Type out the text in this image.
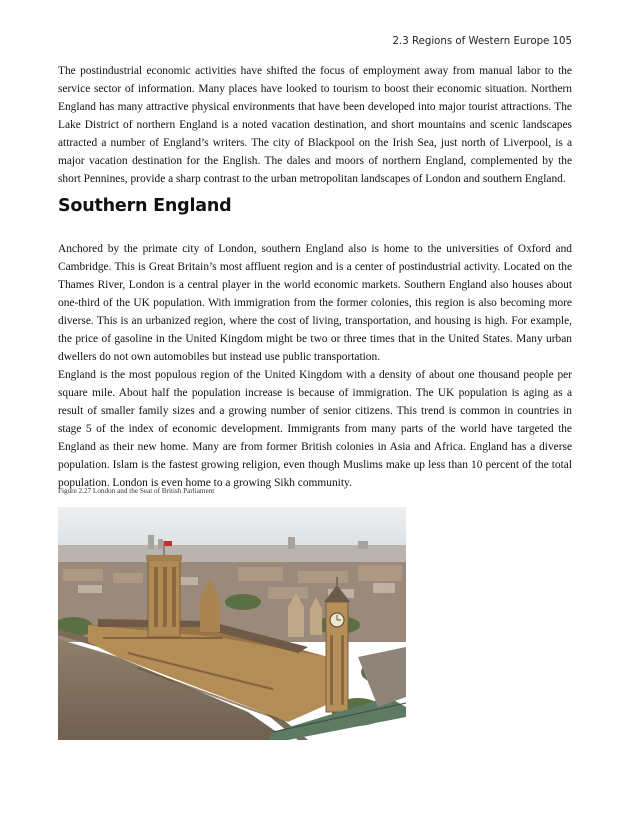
2.3 Regions of Western Europe 105

The postindustrial economic activities have shifted the focus of employment away from manual labor to the service sector of information. Many places have looked to tourism to boost their economic situation. Northern England has many attractive physical environments that have been developed into major tourist attractions. The Lake District of northern England is a noted vacation destination, and short mountains and scenic landscapes attracted a number of England’s writers. The city of Blackpool on the Irish Sea, just north of Liverpool, is a major vacation destination for the English. The dales and moors of northern England, complemented by the short Pennines, provide a sharp contrast to the urban metropolitan landscapes of London and southern England.

Southern England

Anchored by the primate city of London, southern England also is home to the universities of Oxford and Cambridge. This is Great Britain’s most affluent region and is a center of postindustrial activity. Located on the Thames River, London is a central player in the world economic markets. Southern England also houses about one-third of the UK population. With immigration from the former colonies, this region is also becoming more diverse. This is an urbanized region, where the cost of living, transportation, and housing is high. For example, the price of gasoline in the United Kingdom might be two or three times that in the United States. Many urban dwellers do not own automobiles but instead use public transportation.

England is the most populous region of the United Kingdom with a density of about one thousand people per square mile. About half the population increase is because of immigration. The UK population is aging as a result of smaller family sizes and a growing number of senior citizens. This trend is common in countries in stage 5 of the index of economic development. Immigrants from many parts of the world have targeted the England as their new home. Many are from former British colonies in Asia and Africa. England has a diverse population. Islam is the fastest growing religion, even though Muslims make up less than 10 percent of the total population. London is even home to a growing Sikh community.

Figure 2.27 London and the Seat of British Parliament
